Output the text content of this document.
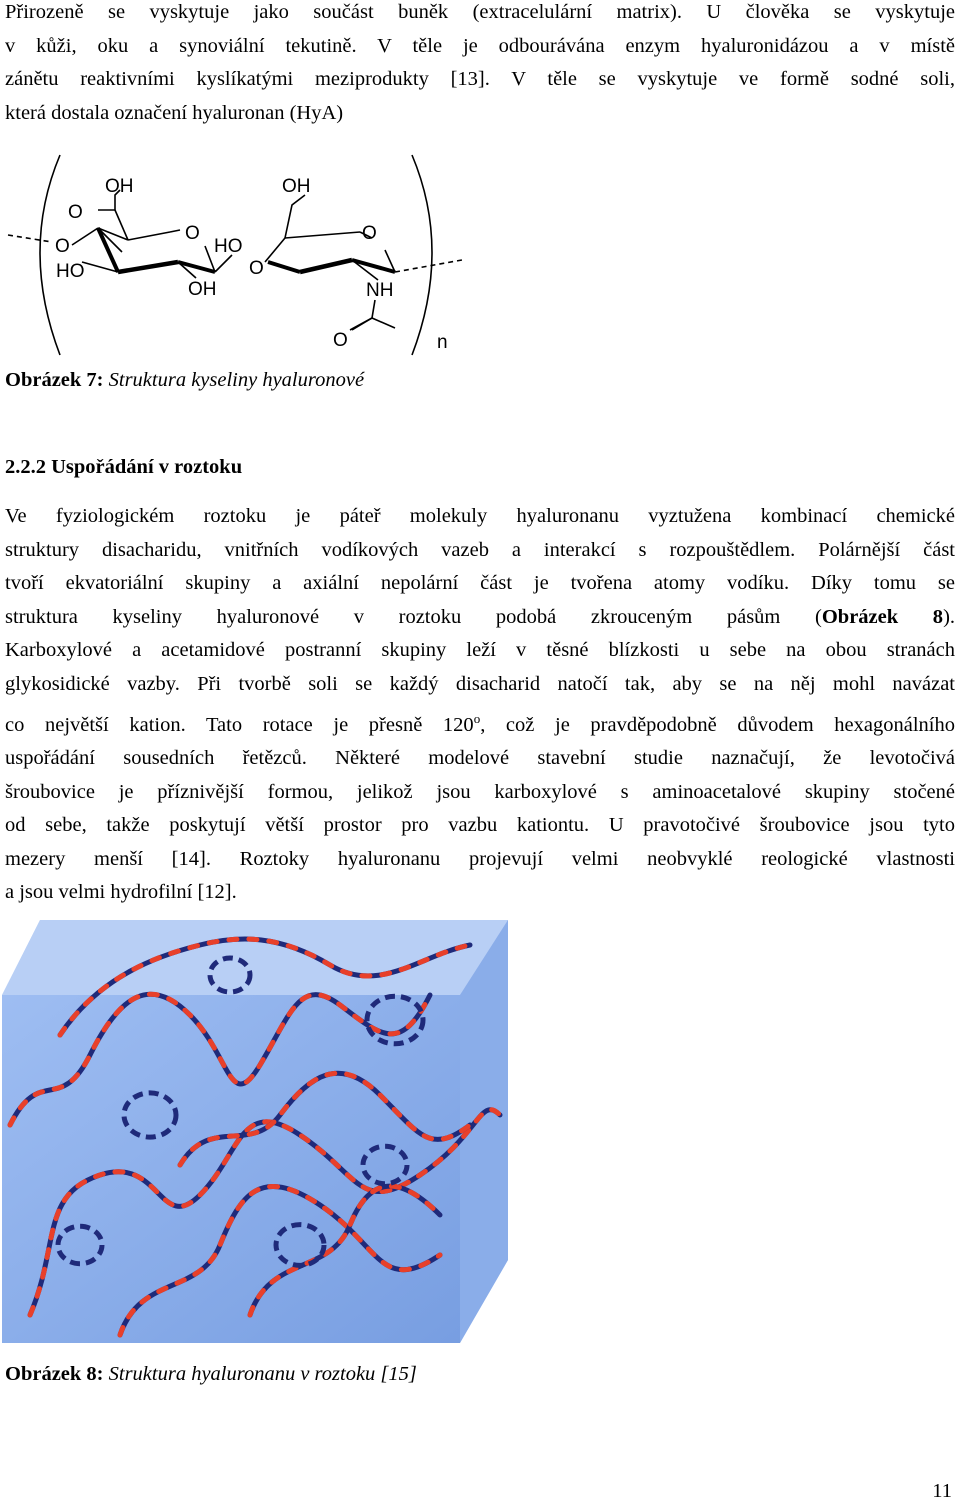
Přirozeně se vyskytuje jako součást buněk (extracelulární matrix). U člověka se vyskytuje
v kůži, oku a synoviální tekutině. V těle je odbourávána enzym hyaluronidázou a v místě
zánětu reaktivními kyslíkatými meziprodukty [13]. V těle se vyskytuje ve formě sodné soli,
která dostala označení hyaluronan (HyA)
OH
O
O
O
HO
OH
HO
O
OH
O
NH
O	n
Obrázek 7: Struktura kyseliny hyaluronové
2.2.2 Uspořádání v roztoku
Ve fyziologickém roztoku je páteř molekuly hyaluronanu vyztužena kombinací chemické
struktury disacharidu, vnitřních vodíkových vazeb a interakcí s rozpouštědlem. Polárnější část
tvoří ekvatoriální skupiny a axiální nepolární část je tvořena atomy vodíku. Díky tomu se
struktura kyseliny hyaluronové v roztoku podobá zkrouceným pásům (Obrázek 8).
Karboxylové a acetamidové postranní skupiny leží v těsné blízkosti u sebe na obou stranách
glykosidické vazby. Při tvorbě soli se každý disacharid natočí tak, aby se na něj mohl navázat
co největší kation. Tato rotace je přesně 120$^o$, což je pravděpodobně důvodem hexagonálního
uspořádání sousedních řetězců. Některé modelové stavební studie naznačují, že levotočivá
šroubovice je příznivější formou, jelikož jsou karboxylové s aminoacetalové skupiny stočené
od sebe, takže poskytují větší prostor pro vazbu kationtu. U pravotočivé šroubovice jsou tyto
mezery menší [14]. Roztoky hyaluronanu projevují velmi neobvyklé reologické vlastnosti
a jsou velmi hydrofilní [12].
Obrázek 8: Struktura hyaluronanu v roztoku [15]
11
